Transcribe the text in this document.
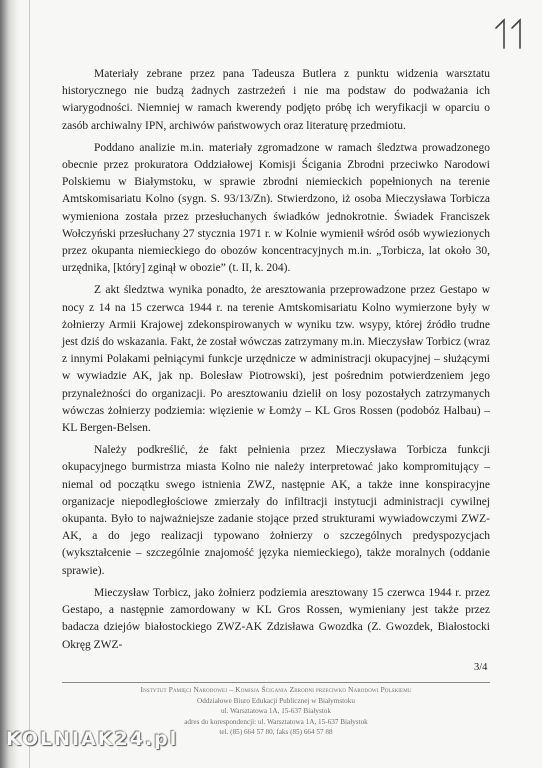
Materiały zebrane przez pana Tadeusza Butlera z punktu widzenia warsztatu historycznego nie budzą żadnych zastrzeżeń i nie ma podstaw do podważania ich wiarygodności. Niemniej w ramach kwerendy podjęto próbę ich weryfikacji w oparciu o zasób archiwalny IPN, archiwów państwowych oraz literaturę przedmiotu.

Poddano analizie m.in. materiały zgromadzone w ramach śledztwa prowadzonego obecnie przez prokuratora Oddziałowej Komisji Ścigania Zbrodni przeciwko Narodowi Polskiemu w Białymstoku, w sprawie zbrodni niemieckich popełnionych na terenie Amtskomisariatu Kolno (sygn. S. 93/13/Zn). Stwierdzono, iż osoba Mieczysława Torbicza wymieniona została przez przesłuchanych świadków jednokrotnie. Świadek Franciszek Wołczyński przesłuchany 27 stycznia 1971 r. w Kolnie wymienił wśród osób wywiezionych przez okupanta niemieckiego do obozów koncentracyjnych m.in. „Torbicza, lat około 30, urzędnika, [który] zginął w obozie” (t. II, k. 204).

Z akt śledztwa wynika ponadto, że aresztowania przeprowadzone przez Gestapo w nocy z 14 na 15 czerwca 1944 r. na terenie Amtskomisariatu Kolno wymierzone były w żołnierzy Armii Krajowej zdekonspirowanych w wyniku tzw. wsypy, której źródło trudne jest dziś do wskazania. Fakt, że został wówczas zatrzymany m.in. Mieczysław Torbicz (wraz z innymi Polakami pełniącymi funkcje urzędnicze w administracji okupacyjnej – służącymi w wywiadzie AK, jak np. Bolesław Piotrowski), jest pośrednim potwierdzeniem jego przynależności do organizacji. Po aresztowaniu dzielił on losy pozostałych zatrzymanych wówczas żołnierzy podziemia: więzienie w Łomży – KL Gros Rossen (podobóz Halbau) – KL Bergen-Belsen.

Należy podkreślić, że fakt pełnienia przez Mieczysława Torbicza funkcji okupacyjnego burmistrza miasta Kolno nie należy interpretować jako kompromitujący – niemal od początku swego istnienia ZWZ, następnie AK, a także inne konspiracyjne organizacje niepodległościowe zmierzały do infiltracji instytucji administracji cywilnej okupanta. Było to najważniejsze zadanie stojące przed strukturami wywiadowczymi ZWZ-AK, a do jego realizacji typowano żołnierzy o szczególnych predyspozycjach (wykształcenie – szczególnie znajomość języka niemieckiego), także moralnych (oddanie sprawie).

Mieczysław Torbicz, jako żołnierz podziemia aresztowany 15 czerwca 1944 r. przez Gestapo, a następnie zamordowany w KL Gros Rossen, wymieniany jest także przez badacza dziejów białostockiego ZWZ-AK Zdzisława Gwozdka (Z. Gwozdek, Białostocki Okręg ZWZ-

3/4
Instytut Pamięci Narodowej – Komisja Ścigania Zbrodni przeciwko Narodowi Polskiemu
Oddziałowe Biuro Edukacji Publicznej w Białymstoku
ul. Warsztatowa 1A, 15-637 Białystok
adres do korespondencji: ul. Warsztatowa 1A, 15-637 Białystok
tel. (85) 664 57 80, faks (85) 664 57 88
KOLNIAK24.pl
